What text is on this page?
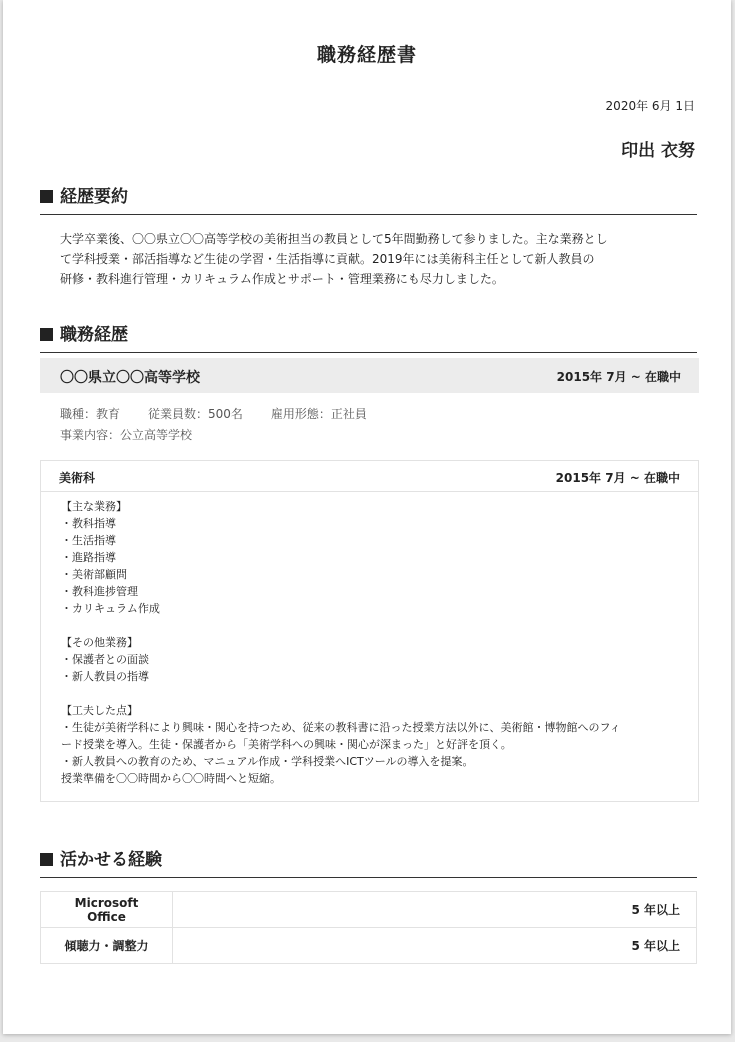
職務経歴書
2020年 6月 1日
印出 衣努
経歴要約
大学卒業後、〇〇県立〇〇高等学校の美術担当の教員として5年間勤務して参りました。主な業務とし
て学科授業・部活指導など生徒の学習・生活指導に貢献。2019年には美術科主任として新人教員の
研修・教科進行管理・カリキュラム作成とサポート・管理業務にも尽力しました。
職務経歴
〇〇県立〇〇高等学校	2015年 7月 ~ 在職中
職種：教育 従業員数：500名 雇用形態：正社員
事業内容：公立高等学校
美術科	2015年 7月 ~ 在職中
【主な業務】
・教科指導
・生活指導
・進路指導
・美術部顧問
・教科進捗管理
・カリキュラム作成
【その他業務】
・保護者との面談
・新人教員の指導
【工夫した点】
・生徒が美術学科により興味・関心を持つため、従来の教科書に沿った授業方法以外に、美術館・博物館へのフィ
ード授業を導入。生徒・保護者から「美術学科への興味・関心が深まった」と好評を頂く。
・新人教員への教育のため、マニュアル作成・学科授業へICTツールの導入を提案。
授業準備を〇〇時間から〇〇時間へと短縮。
活かせる経験
Microsoft Office	5 年以上
傾聴力・調整力	5 年以上
